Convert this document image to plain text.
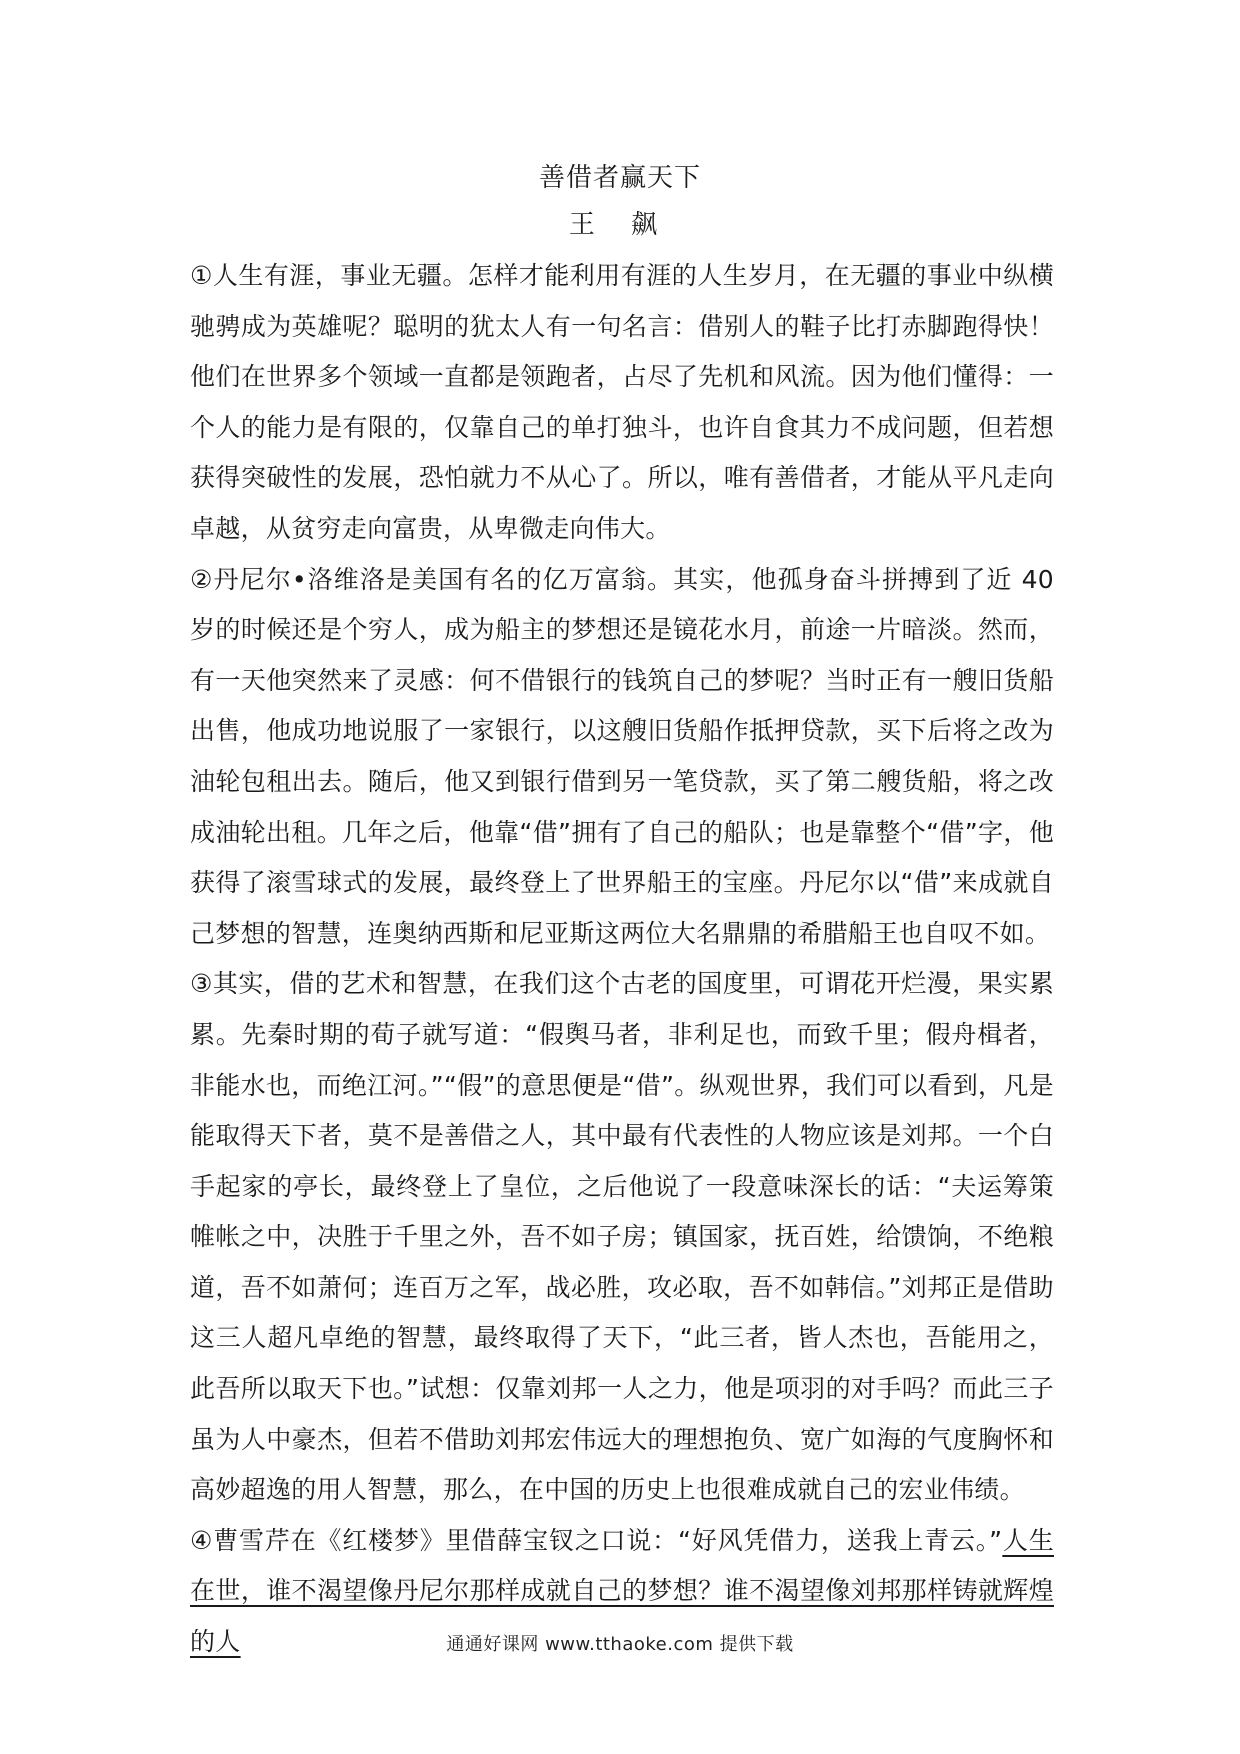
善借者赢天下
王 飙

①人生有涯，事业无疆。怎样才能利用有涯的人生岁月，在无疆的事业中纵横驰骋成为英雄呢？聪明的犹太人有一句名言：借别人的鞋子比打赤脚跑得快！他们在世界多个领域一直都是领跑者，占尽了先机和风流。因为他们懂得：一个人的能力是有限的，仅靠自己的单打独斗，也许自食其力不成问题，但若想获得突破性的发展，恐怕就力不从心了。所以，唯有善借者，才能从平凡走向卓越，从贫穷走向富贵，从卑微走向伟大。

②丹尼尔•洛维洛是美国有名的亿万富翁。其实，他孤身奋斗拼搏到了近 40 岁的时候还是个穷人，成为船主的梦想还是镜花水月，前途一片暗淡。然而，有一天他突然来了灵感：何不借银行的钱筑自己的梦呢？当时正有一艘旧货船出售，他成功地说服了一家银行，以这艘旧货船作抵押贷款，买下后将之改为油轮包租出去。随后，他又到银行借到另一笔贷款，买了第二艘货船，将之改成油轮出租。几年之后，他靠“借”拥有了自己的船队；也是靠整个“借”字，他获得了滚雪球式的发展，最终登上了世界船王的宝座。丹尼尔以“借”来成就自己梦想的智慧，连奥纳西斯和尼亚斯这两位大名鼎鼎的希腊船王也自叹不如。

③其实，借的艺术和智慧，在我们这个古老的国度里，可谓花开烂漫，果实累累。先秦时期的荀子就写道：“假舆马者，非利足也，而致千里；假舟楫者，非能水也，而绝江河。”“假”的意思便是“借”。纵观世界，我们可以看到，凡是能取得天下者，莫不是善借之人，其中最有代表性的人物应该是刘邦。一个白手起家的亭长，最终登上了皇位，之后他说了一段意味深长的话：“夫运筹策帷帐之中，决胜于千里之外，吾不如子房；镇国家，抚百姓，给馈饷，不绝粮道，吾不如萧何；连百万之军，战必胜，攻必取，吾不如韩信。”刘邦正是借助这三人超凡卓绝的智慧，最终取得了天下，“此三者，皆人杰也，吾能用之，此吾所以取天下也。”试想：仅靠刘邦一人之力，他是项羽的对手吗？而此三子虽为人中豪杰，但若不借助刘邦宏伟远大的理想抱负、宽广如海的气度胸怀和高妙超逸的用人智慧，那么，在中国的历史上也很难成就自己的宏业伟绩。

④曹雪芹在《红楼梦》里借薛宝钗之口说：“好风凭借力，送我上青云。”人生在世，谁不渴望像丹尼尔那样成就自己的梦想？谁不渴望像刘邦那样铸就辉煌的人	通通好课网 www.tthaoke.com 提供下载
